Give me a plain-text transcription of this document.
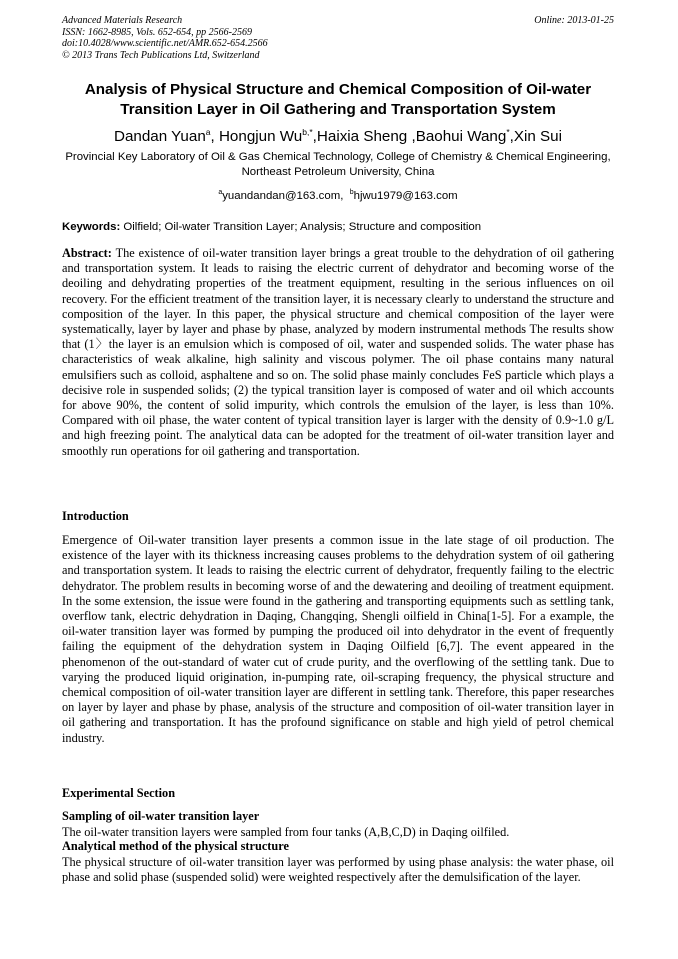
Advanced Materials Research
ISSN: 1662-8985, Vols. 652-654, pp 2566-2569
doi:10.4028/www.scientific.net/AMR.652-654.2566
© 2013 Trans Tech Publications Ltd, Switzerland
Online: 2013-01-25
Analysis of Physical Structure and Chemical Composition of Oil-water Transition Layer in Oil Gathering and Transportation System
Dandan Yuan$^a$, Hongjun $Wu^{b,*},Haixia$ Sheng ,Baohui Wang*,Xin Sui
Provincial Key Laboratory of Oil & Gas Chemical Technology, College of Chemistry & Chemical Engineering, Northeast Petroleum University, China
$^a$yuandandan@163.com, $^b$hjwu1979@163.com
Keywords: Oilfield; Oil-water Transition Layer; Analysis; Structure and composition
Abstract: The existence of oil-water transition layer brings a great trouble to the dehydration of oil gathering and transportation system. It leads to raising the electric current of dehydrator and becoming worse of the deoiling and dehydrating properties of the treatment equipment, resulting in the serious influences on oil recovery. For the efficient treatment of the transition layer, it is necessary clearly to understand the structure and composition of the layer. In this paper, the physical structure and chemical composition of the layer were systematically, layer by layer and phase by phase, analyzed by modern instrumental methods The results show that (1〉the layer is an emulsion which is composed of oil, water and suspended solids. The water phase has characteristics of weak alkaline, high salinity and viscous polymer. The oil phase contains many natural emulsifiers such as colloid, asphaltene and so on. The solid phase mainly concludes FeS particle which plays a decisive role in suspended solids; (2) the typical transition layer is composed of water and oil which accounts for above 90%, the content of solid impurity, which controls the emulsion of the layer, is less than 10%. Compared with oil phase, the water content of typical transition layer is larger with the density of 0.9~1.0 g/L and high freezing point. The analytical data can be adopted for the treatment of oil-water transition layer and smoothly run operations for oil gathering and transportation.
Introduction
Emergence of Oil-water transition layer presents a common issue in the late stage of oil production. The existence of the layer with its thickness increasing causes problems to the dehydration system of oil gathering and transportation system. It leads to raising the electric current of dehydrator, frequently failing to the electric dehydrator. The problem results in becoming worse of and the dewatering and deoiling of treatment equipment. In the some extension, the issue were found in the gathering and transporting equipments such as settling tank, overflow tank, electric dehydration in Daqing, Changqing, Shengli oilfield in China[1-5]. For a example, the oil-water transition layer was formed by pumping the produced oil into dehydrator in the event of frequently failing the equipment of the dehydration system in Daqing Oilfield [6,7]. The event appeared in the phenomenon of the out-standard of water cut of crude purity, and the overflowing of the settling tank. Due to varying the produced liquid origination, in-pumping rate, oil-scraping frequency, the physical structure and chemical composition of oil-water transition layer are different in settling tank. Therefore, this paper researches on layer by layer and phase by phase, analysis of the structure and composition of oil-water transition layer in oil gathering and transportation. It has the profound significance on stable and high yield of petrol chemical industry.
Experimental Section
Sampling of oil-water transition layer
The oil-water transition layers were sampled from four tanks (A,B,C,D) in Daqing oilfiled.
Analytical method of the physical structure
The physical structure of oil-water transition layer was performed by using phase analysis: the water phase, oil phase and solid phase (suspended solid) were weighted respectively after the demulsification of the layer.
